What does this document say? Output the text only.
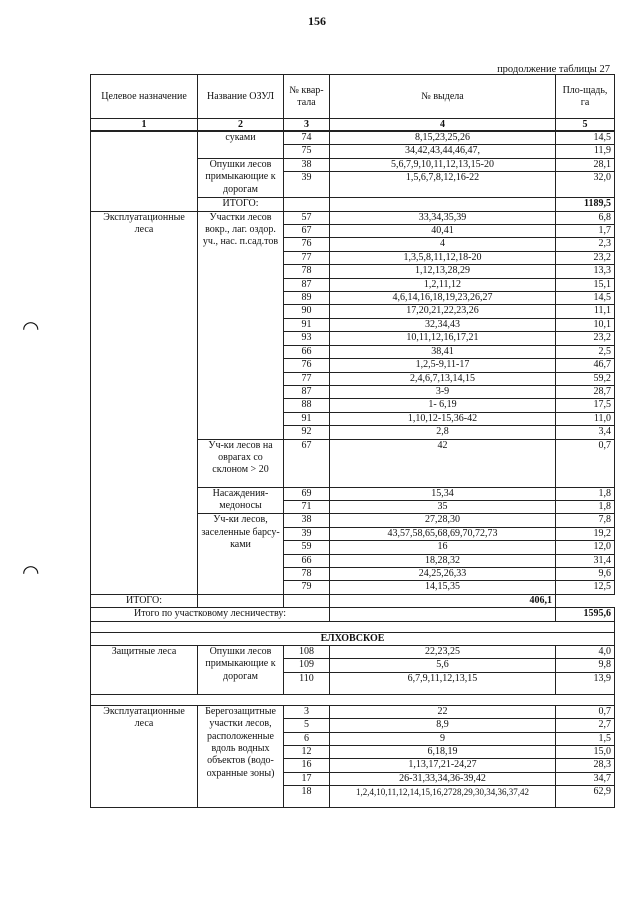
156
продолжение таблицы 27
◠
◠
Целевое назначение	Название ОЗУЛ	№ квар-тала	№ выдела	Пло-щадь, га
1	2	3	4	5
	суками	74	8,15,23,25,26	14,5
		75	34,42,43,44,46,47,	11,9
	Опушки лесов примыкающие к дорогам	38	5,6,7,9,10,11,12,13,15-20	28,1
		39	1,5,6,7,8,12,16-22	32,0
	ИТОГО:			1189,5
Эксплуатационные леса	Участки лесов вокр., лаг. оздор. уч., нас. п.сад.тов	57	33,34,35,39	6,8
		67	40,41	1,7
		76	4	2,3
		77	1,3,5,8,11,12,18-20	23,2
		78	1,12,13,28,29	13,3
		87	1,2,11,12	15,1
		89	4,6,14,16,18,19,23,26,27	14,5
		90	17,20,21,22,23,26	11,1
		91	32,34,43	10,1
		93	10,11,12,16,17,21	23,2
		66	38,41	2,5
		76	1,2,5-9,11-17	46,7
		77	2,4,6,7,13,14,15	59,2
		87	3-9	28,7
		88	1- 6,19	17,5
		91	1,10,12-15,36-42	11,0
		92	2,8	3,4
	Уч-ки лесов на оврагах со склоном > 20	67	42	0,7
	Насаждения-медоносы	69	15,34	1,8
		71	35	1,8
	Уч-ки лесов, заселенные барсу-ками	38	27,28,30	7,8
		39	43,57,58,65,68,69,70,72,73	19,2
		59	16	12,0
		66	18,28,32	31,4
		78	24,25,26,33	9,6
		79	14,15,35	12,5
ИТОГО:			406,1	
Итого по участковому лесничеству:				1595,6

ЕЛХОВСКОЕ				
Защитные леса	Опушки лесов примыкающие к дорогам	108	22,23,25	4,0
		109	5,6	9,8
		110	6,7,9,11,12,13,15	13,9

Эксплуатационные леса	Берегозащитные участки лесов, расположенные вдоль водных объектов (водо-охранные зоны)	3	22	0,7
		5	8,9	2,7
		6	9	1,5
		12	6,18,19	15,0
		16	1,13,17,21-24,27	28,3
		17	26-31,33,34,36-39,42	34,7
		18	1,2,4,10,11,12,14,15,16,2728,29,30,34,36,37,42	62,9
